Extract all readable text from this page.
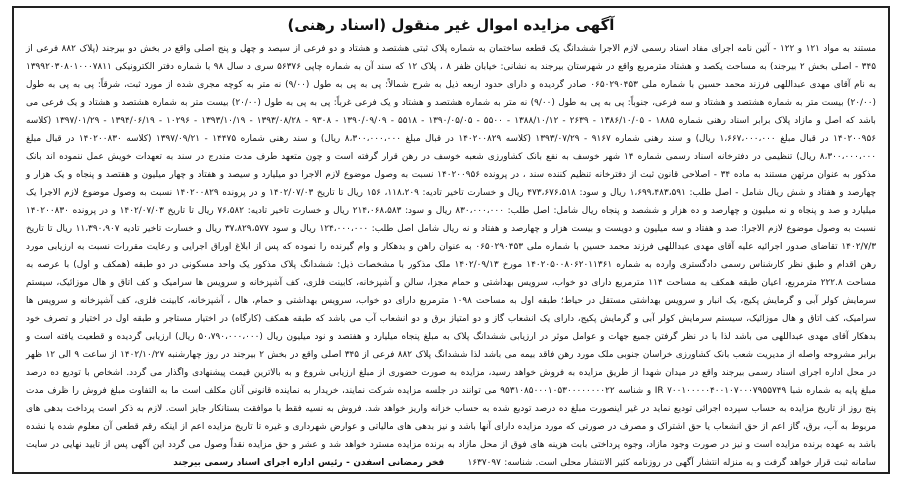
آگهی مزایده اموال غیر منقول (اسناد رهنی)
مستند به مواد ۱۲۱ و ۱۲۲ - آئین نامه اجرای مفاد اسناد رسمی لازم الاجرا ششدانگ یک قطعه ساختمان به شماره پلاک ثبتی هشتصد و هشتاد و دو فرعی از سیصد و چهل و پنج اصلی واقع در بخش دو بیرجند (پلاک ۸۸۲ فرعی از ۳۴۵ - اصلی بخش ۲ بیرجند) به مساحت یکصد و هشتاد مترمربع واقع در شهرستان بیرجند به نشانی: خیابان ظفر ۸ ، پلاک ۱۲ که سند آن به شماره چاپی ۵۶۳۷۶ سری د سال ۹۸ با شماره دفتر الکترونیکی ۱۳۹۹۲۰۳۰۸۰۱۰۰۰۷۸۱۱ به نام آقای مهدی عبداللهی فرزند محمد حسین با شماره ملی ۰۶۵۰۲۹۰۴۵۳ صادر گردیده و دارای حدود اربعه ذیل به شرح شمالاً: پی به پی به طول (۹/۰۰) نه متر به کوچه مجری شده از مورد ثبت، شرقاً: پی به پی به طول (۲۰/۰۰) بیست متر به شماره هشتصد و هشتاد و سه فرعی، جنوباً: پی به پی به طول (۹/۰۰) نه متر به شماره هشتصد و هشتاد و یک فرعی غرباً: پی به پی به طول (۲۰/۰۰) بیست متر به شماره هشتصد و هشتاد و یک فرعی می باشد که اصل و مازاد پلاک برابر اسناد رهنی شماره ۱۸۸۵ - ۱۳۸۶/۱۰/۰۵ - ۲۶۳۹ - ۱۳۸۸/۱۰/۱۲ - ۵۵۰۰ - ۱۳۹۰/۰۵/۰۵ - ۵۵۱۸ - ۱۳۹۰/۰۹/۰۹ - ۹۳۰۸ - ۱۳۹۳/۰۸/۲۸ - ۱۳۹۳/۱۰/۱۹ - ۱۰۲۹۶ - ۱۳۹۴/۰۶/۱۹ - ۱۳۹۷/۰۱/۲۹ (کلاسه ۱۴۰۲۰۰۹۵۶ در قبال مبلغ ۱،۶۶۷،۰۰۰،۰۰۰ ریال) و سند رهنی شماره ۹۱۶۷ - ۱۳۹۳/۰۷/۲۹ (کلاسه ۱۴۰۲۰۰۸۲۹ در قبال مبلغ ۸،۳۰۰،۰۰۰،۰۰۰ ریال) و سند رهنی شماره ۱۴۴۷۵ - ۱۳۹۷/۰۹/۲۱ (کلاسه ۱۴۰۲۰۰۸۳۰ در قبال مبلغ ۸،۳۰۰،۰۰۰،۰۰۰ ریال) تنظیمی در دفترخانه اسناد رسمی شماره ۱۴ شهر خوسف به نفع بانک کشاورزی شعبه خوسف در رهن قرار گرفته است و چون متعهد طرف مدت مندرج در سند به تعهدات خویش عمل ننموده اند بانک مذکور به عنوان مرتهن مستند به ماده ۳۴ - اصلاحی قانون ثبت از دفترخانه تنظیم کننده سند ، در پرونده ۱۴۰۲۰۰۹۵۶ نسبت به وصول موضوع لازم الاجرا دو میلیارد و سیصد و هفتاد و چهار میلیون و هفتصد و پنجاه و یک هزار و چهارصد و هفتاد و شش ریال شامل - اصل طلب: ۱،۶۹۹،۴۸۳،۵۹۱ ریال و سود: ۴۷۳،۶۷۶،۵۱۸ ریال و خسارت تاخیر تادیه: ۱۱۸،۲۰۹، ۱۵۶ ریال تا تاریخ ۱۴۰۲/۰۷/۰۳ و در پرونده ۱۴۰۲۰۰۸۲۹ نسبت به وصول موضوع لازم الاجرا یک میلیارد و صد و پنجاه و نه میلیون و چهارصد و ده هزار و ششصد و پنجاه ریال شامل: اصل طلب: ۸۳۰،۰۰۰،۰۰۰ ریال و سود: ۲۱۴،۰۶۸،۵۸۳ ریال و خسارت تاخیر تادیه: ۷۶،۵۸۲ ریال تا تاریخ ۱۴۰۲/۰۷/۰۳ و در پرونده ۱۴۰۲۰۰۸۳۰ نسبت به وصول موضوع لازم الاجرا: صد و هفتاد و سه میلیون و دویست و بیست هزار و چهارصد و هفتاد و نه ریال شامل اصل طلب: ۱۲۴،۰۰۰،۰۰۰ ریال و سود ۳۷،۸۲۹،۵۷۷ ریال و خسارت تاخیر تادیه ۱۱،۳۹۰،۹۰۷ ریال تا تاریخ ۱۴۰۲/۷/۳ تقاضای صدور اجرائیه علیه آقای مهدی عبداللهی فرزند محمد حسین با شماره ملی ۰۶۵۰۲۹۰۴۵۳ به عنوان راهن و بدهکار و وام گیرنده را نموده که پس از ابلاغ اوراق اجرایی و رعایت مقررات نسبت به ارزیابی مورد رهن اقدام و طبق نظر کارشناس رسمی دادگستری وارده به شماره ۱۴۰۲۰۵۰۰۸۰۶۲۰۱۱۳۶۱ مورخ ۱۴۰۲/۰۹/۱۳ ملک مذکور با مشخصات ذیل: ششدانگ پلاک مذکور یک واحد مسکونی در دو طبقه (همکف و اول) با عرصه به مساحت ۲۲۲.۸ مترمربع، اعیان طبقه همکف به مساحت ۱۱۴ مترمربع دارای دو خواب، سرویس بهداشتی و حمام مجزا، سالن و آشپزخانه، کابینت فلزی، کف آشپزخانه و سرویس ها سرامیک و کف اتاق و هال موزائیک، سیستم سرمایش کولر آبی و گرمایش پکیج، یک انبار و سرویس بهداشتی مستقل در حیاط؛ طبقه اول به مساحت ۱۰۹۸ مترمربع دارای دو خواب، سرویس بهداشتی و حمام، هال ، آشپزخانه، کابینت فلزی، کف آشپزخانه و سرویس ها سرامیک، کف اتاق و هال موزائیک، سیستم سرمایش کولر آبی و گرمایش پکیج، دارای یک انشعاب گاز و دو امتیاز برق و دو انشعاب آب می باشد که طبقه همکف (کارگاه) در اختیار مستاجر و طبقه اول در اختیار و تصرف خود بدهکار آقای مهدی عبداللهی می باشد لذا با در نظر گرفتن جمیع جهات و عوامل موثر در ارزیابی ششدانگ پلاک به مبلغ پنجاه میلیارد و هفتصد و نود میلیون ریال (۵۰،۷۹۰،۰۰۰،۰۰۰ ریال) ارزیابی گردیده و قطعیت یافته است و برابر مشروحه واصله از مدیریت شعب بانک کشاورزی خراسان جنوبی ملک مورد رهن فاقد بیمه می باشد لذا ششدانگ پلاک ۸۸۲ فرعی از ۳۴۵ اصلی واقع در بخش ۲ بیرجند در روز چهارشنبه ۱۴۰۲/۱۰/۲۷ از ساعت ۹ الی ۱۲ ظهر در محل اداره اجرای اسناد رسمی بیرجند واقع در میدان شهدا از طریق مزایده به فروش خواهد رسید، مزایده به صورت حضوری از مبلغ ارزیابی شروع و به بالاترین قیمت پیشنهادی واگذار می گردد. اشخاص با تودیع ده درصد مبلغ پایه به شماره شبا IR ۷۰۰۱۰۰۰۰۰۴۰۰۱۰۷۰۰۰۷۹۵۵۷۴۹ و شناسه ۹۵۳۱۰۸۵۰۰۰۱۰۵۳۰۰۰۰۰۰۰۰۲۲ می توانند در جلسه مزایده شرکت نمایند، خریدار به نماینده قانونی آنان مکلف است ما به التفاوت مبلغ فروش را ظرف مدت پنج روز از تاریخ مزایده به حساب سپرده اجرائی تودیع نماید در غیر اینصورت مبلغ ده درصد تودیع شده به حساب خزانه واریز خواهد شد. فروش به نسیه فقط با موافقت بستانکار جایز است. لازم به ذکر است پرداخت بدهی های مربوط به آب، برق، گاز اعم از حق انشعاب یا حق اشتراک و مصرف در صورتی که مورد مزایده دارای آنها باشد و نیز بدهی های مالیاتی و عوارض شهرداری و غیره تا تاریخ مزایده اعم از اینکه رقم قطعی آن معلوم شده یا نشده باشد به عهده برنده مزایده است و نیز در صورت وجود مازاد، وجوه پرداختی بابت هزینه های فوق از محل مازاد به برنده مزایده مسترد خواهد شد و عشر و حق مزایده نقداً وصول می گردد این آگهی پس از تایید نهایی در سایت سامانه ثبت قرار خواهد گرفت و به منزله انتشار آگهی در روزنامه کثیر الانتشار محلی است. شناسه: ۱۶۳۷۰۹۷ فخر رمضانی اسفدن - رئیس اداره اجرای اسناد رسمی بیرجند
